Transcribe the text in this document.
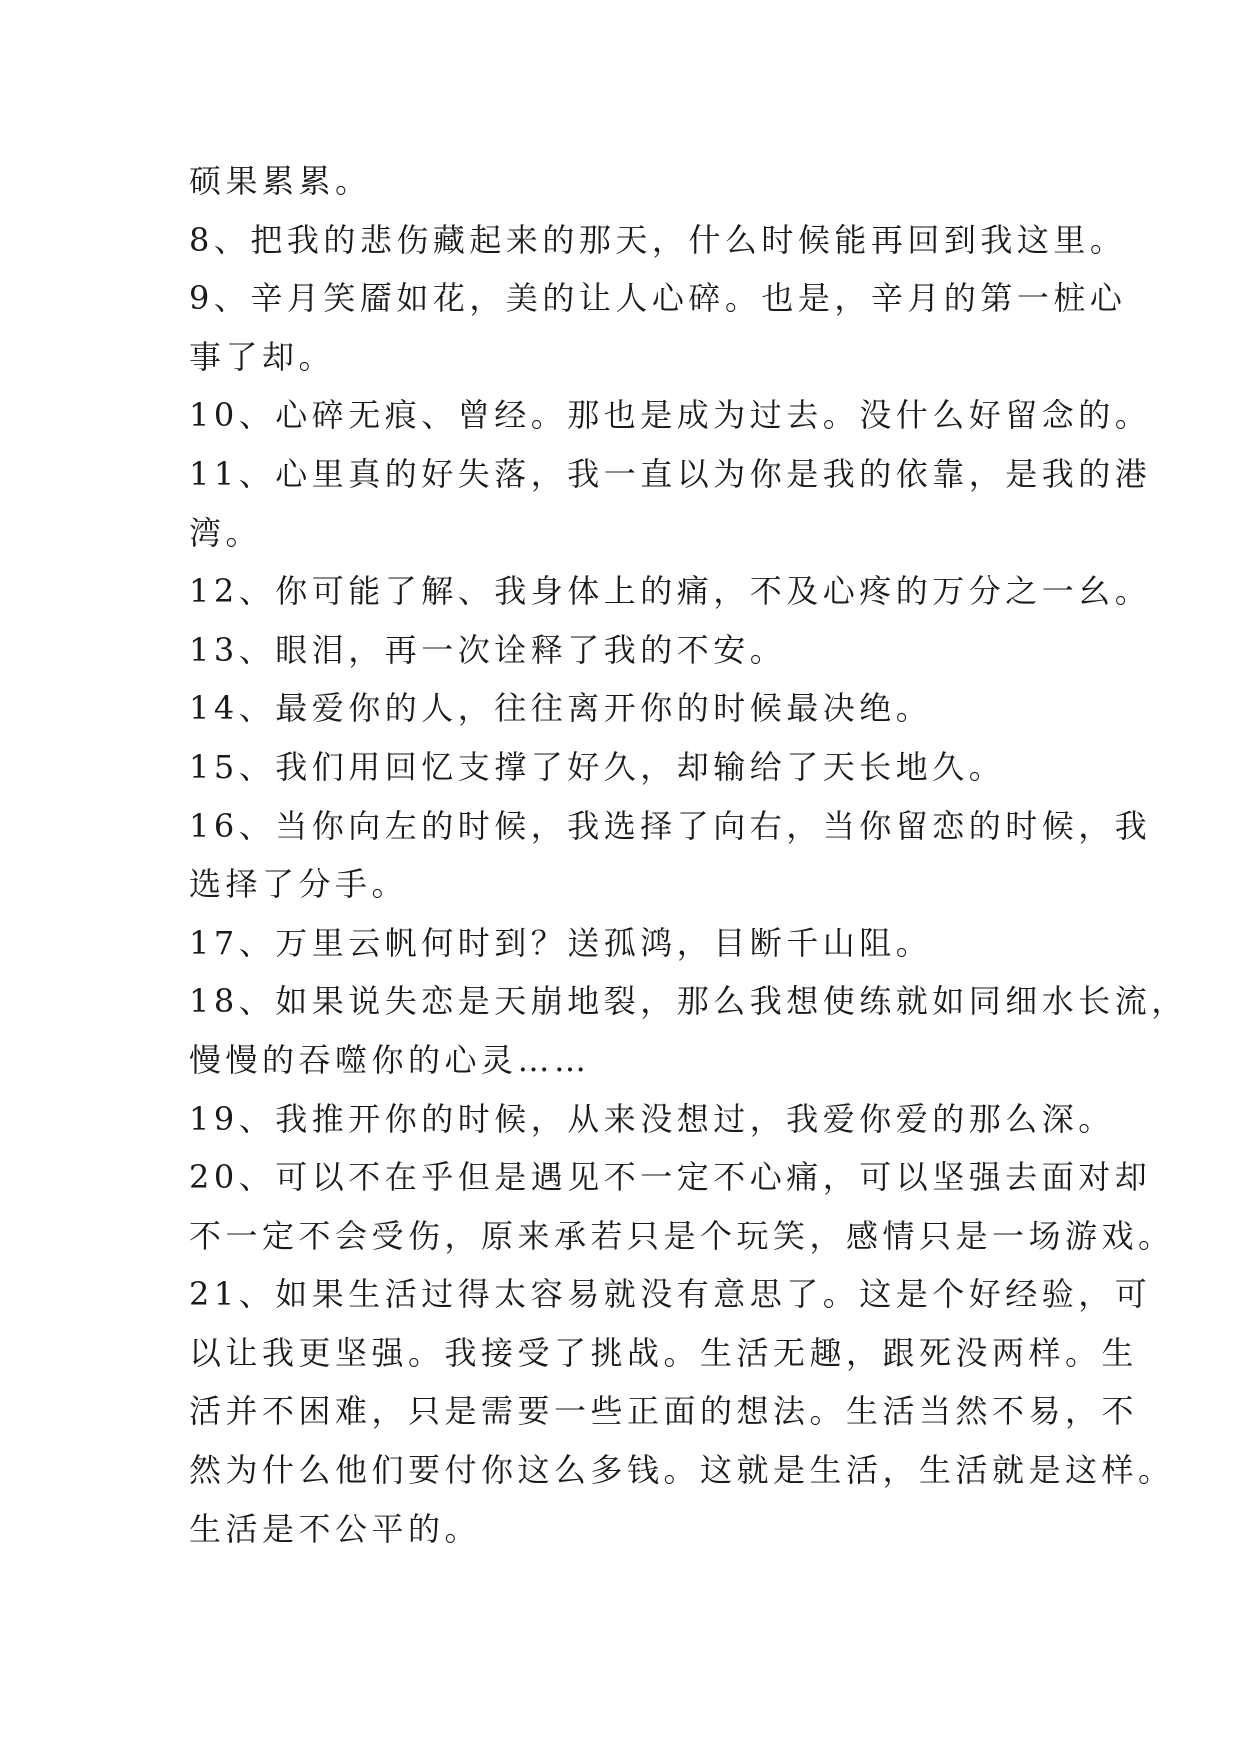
硕果累累。
8、把我的悲伤藏起来的那天，什么时候能再回到我这里。
9、辛月笑靥如花，美的让人心碎。也是，辛月的第一桩心
事了却。
10、心碎无痕、曾经。那也是成为过去。没什么好留念的。
11、心里真的好失落，我一直以为你是我的依靠，是我的港
湾。
12、你可能了解、我身体上的痛，不及心疼的万分之一幺。
13、眼泪，再一次诠释了我的不安。
14、最爱你的人，往往离开你的时候最决绝。
15、我们用回忆支撑了好久，却输给了天长地久。
16、当你向左的时候，我选择了向右，当你留恋的时候，我
选择了分手。
17、万里云帆何时到？送孤鸿，目断千山阻。
18、如果说失恋是天崩地裂，那么我想使练就如同细水长流，
慢慢的吞噬你的心灵……
19、我推开你的时候，从来没想过，我爱你爱的那么深。
20、可以不在乎但是遇见不一定不心痛，可以坚强去面对却
不一定不会受伤，原来承若只是个玩笑，感情只是一场游戏。
21、如果生活过得太容易就没有意思了。这是个好经验，可
以让我更坚强。我接受了挑战。生活无趣，跟死没两样。生
活并不困难，只是需要一些正面的想法。生活当然不易，不
然为什么他们要付你这么多钱。这就是生活，生活就是这样。
生活是不公平的。
